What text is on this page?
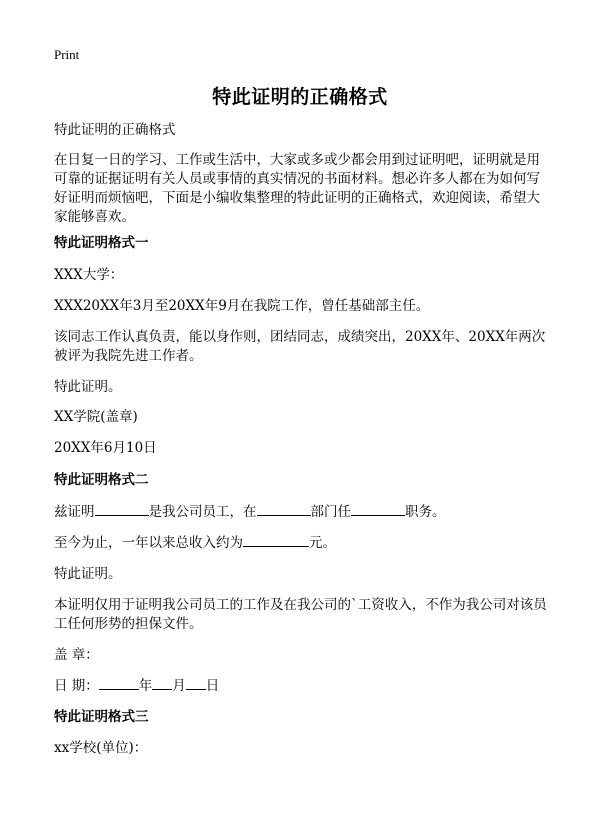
Print
特此证明的正确格式
特此证明的正确格式
在日复一日的学习、工作或生活中，大家或多或少都会用到过证明吧，证明就是用可靠的证据证明有关人员或事情的真实情况的书面材料。想必许多人都在为如何写好证明而烦恼吧，下面是小编收集整理的特此证明的正确格式，欢迎阅读，希望大家能够喜欢。
特此证明格式一
XXX大学：
XXX20XX年3月至20XX年9月在我院工作，曾任基础部主任。
该同志工作认真负责，能以身作则，团结同志，成绩突出，20XX年、20XX年两次被评为我院先进工作者。
特此证明。
XX学院(盖章)
20XX年6月10日
特此证明格式二
兹证明	是我公司员工，在	部门任	职务。
至今为止，一年以来总收入约为	元。
特此证明。
本证明仅用于证明我公司员工的工作及在我公司的`工资收入，不作为我公司对该员工任何形势的担保文件。
盖 章：
日 期：	年 月 日
特此证明格式三
xx学校(单位)：
